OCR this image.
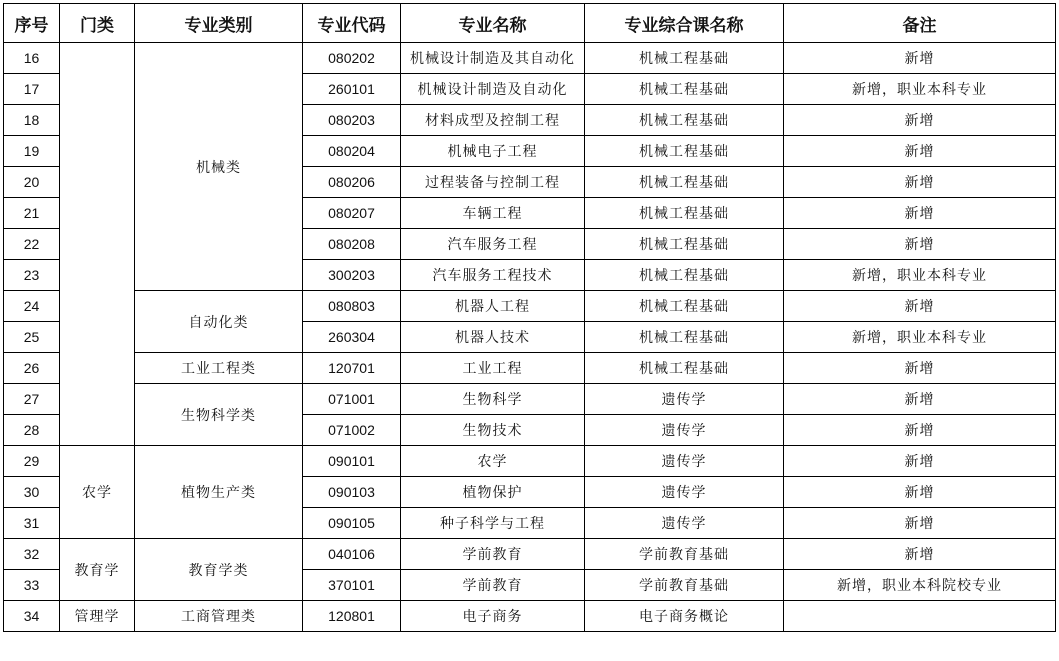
序号	门类	专业类别	专业代码	专业名称	专业综合课名称	备注
16		机械类	080202	机械设计制造及其自动化	机械工程基础	新增
17			260101	机械设计制造及自动化	机械工程基础	新增，职业本科专业
18			080203	材料成型及控制工程	机械工程基础	新增
19			080204	机械电子工程	机械工程基础	新增
20			080206	过程装备与控制工程	机械工程基础	新增
21			080207	车辆工程	机械工程基础	新增
22			080208	汽车服务工程	机械工程基础	新增
23			300203	汽车服务工程技术	机械工程基础	新增，职业本科专业
24		自动化类	080803	机器人工程	机械工程基础	新增
25			260304	机器人技术	机械工程基础	新增，职业本科专业
26		工业工程类	120701	工业工程	机械工程基础	新增
27		生物科学类	071001	生物科学	遗传学	新增
28			071002	生物技术	遗传学	新增
29	农学	植物生产类	090101	农学	遗传学	新增
30			090103	植物保护	遗传学	新增
31			090105	种子科学与工程	遗传学	新增
32	教育学	教育学类	040106	学前教育	学前教育基础	新增
33			370101	学前教育	学前教育基础	新增，职业本科院校专业
34	管理学	工商管理类	120801	电子商务	电子商务概论	
